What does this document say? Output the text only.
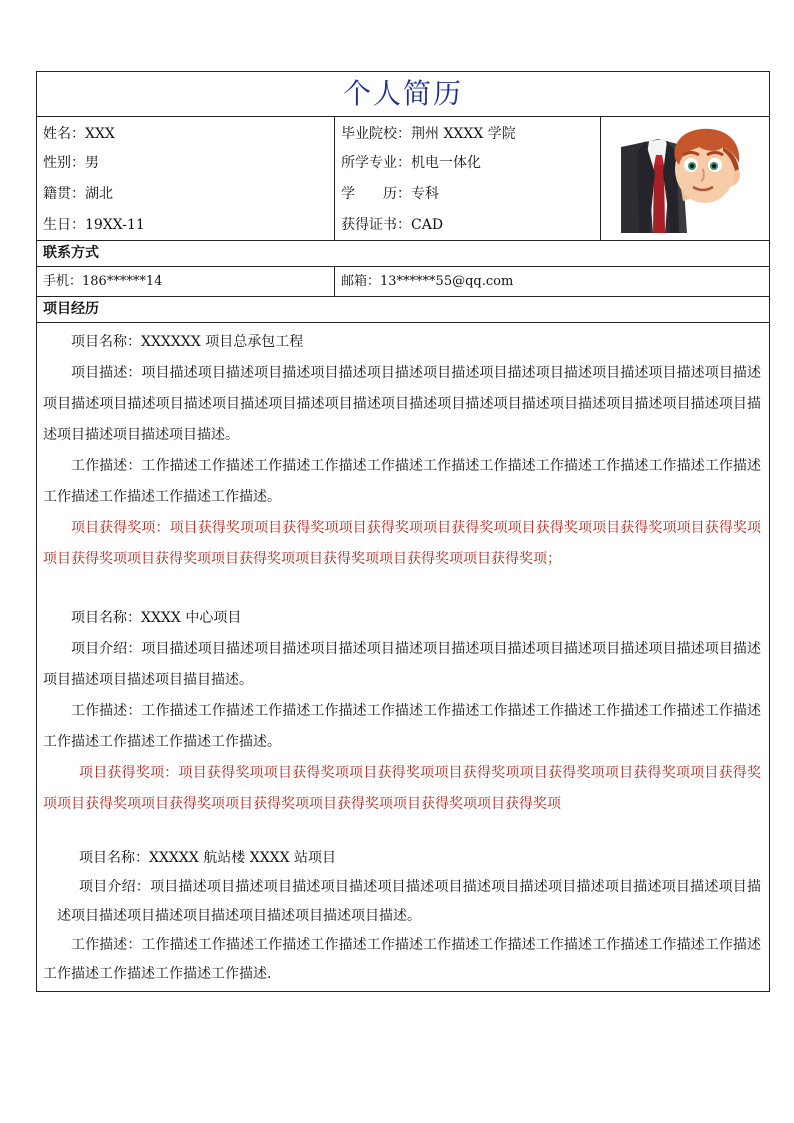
个人简历
姓名：XXX
性别：男
籍贯：湖北
生日：19XX-11
毕业院校：荆州 XXXX 学院
所学专业：机电一体化
学　　历：专科
获得证书：CAD
联系方式
手机：186******14	邮箱：13******55@qq.com
项目经历

项目名称：XXXXXX 项目总承包工程

项目描述：项目描述项目描述项目描述项目描述项目描述项目描述项目描述项目描述项目描述项目描述项目描述项目描述项目描述项目描述项目描述项目描述项目描述项目描述项目描述项目描述项目描述项目描述项目描述项目描述项目描述项目描述项目描述。

工作描述：工作描述工作描述工作描述工作描述工作描述工作描述工作描述工作描述工作描述工作描述工作描述工作描述工作描述工作描述工作描述。

项目获得奖项：项目获得奖项项目获得奖项项目获得奖项项目获得奖项项目获得奖项项目获得奖项项目获得奖项项目获得奖项项目获得奖项项目获得奖项项目获得奖项项目获得奖项项目获得奖项；

项目名称：XXXX 中心项目

项目介绍：项目描述项目描述项目描述项目描述项目描述项目描述项目描述项目描述项目描述项目描述项目描述项目描述项目描述项目描目描述。

工作描述：工作描述工作描述工作描述工作描述工作描述工作描述工作描述工作描述工作描述工作描述工作描述工作描述工作描述工作描述工作描述。

项目获得奖项：项目获得奖项项目获得奖项项目获得奖项项目获得奖项项目获得奖项项目获得奖项项目获得奖项项目获得奖项项目获得奖项项目获得奖项项目获得奖项项目获得奖项项目获得奖项

项目名称：XXXXX 航站楼 XXXX 站项目

项目介绍：项目描述项目描述项目描述项目描述项目描述项目描述项目描述项目描述项目描述项目描述项目描述项目描述项目描述项目描述项目描述项目描述项目描述。

工作描述：工作描述工作描述工作描述工作描述工作描述工作描述工作描述工作描述工作描述工作描述工作描述工作描述工作描述工作描述工作描述.
